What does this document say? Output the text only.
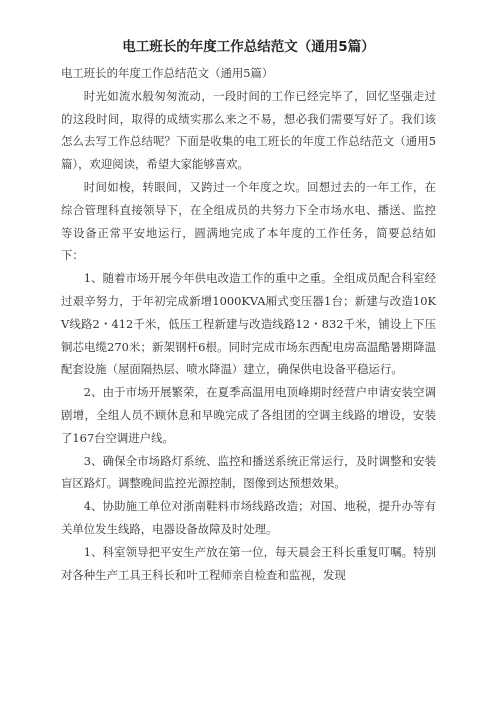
电工班长的年度工作总结范文（通用5篇）

电工班长的年度工作总结范文（通用5篇）

时光如流水般匆匆流动，一段时间的工作已经完毕了，回忆坚强走过的这段时间，取得的成绩实那么来之不易，想必我们需要写好了。我们该怎么去写工作总结呢？下面是收集的电工班长的年度工作总结范文（通用5篇），欢迎阅读，希望大家能够喜欢。

时间如梭，转眼间，又跨过一个年度之坎。回想过去的一年工作，在综合管理科直接领导下，在全组成员的共努力下全市场水电、播送、监控等设备正常平安地运行，圆满地完成了本年度的工作任务，简要总结如下：

1、随着市场开展今年供电改造工作的重中之重。全组成员配合科室经过艰辛努力，于年初完成新增1000KVA厢式变压器1台；新建与改造10KV线路2・412千米，低压工程新建与改造线路12・832千米，铺设上下压铜芯电缆270米；新架钢杆6根。同时完成市场东西配电房高温酷暑期降温配套设施（屋面隔热层、喷水降温）建立，确保供电设备平稳运行。

2、由于市场开展繁荣，在夏季高温用电顶峰期时经营户申请安装空调剧增，全组人员不顾休息和早晚完成了各组团的空调主线路的增设，安装了167台空调进户线。

3、确保全市场路灯系统、监控和播送系统正常运行，及时调整和安装盲区路灯。调整晚间监控光源控制，图像到达预想效果。

4、协助施工单位对浙南鞋料市场线路改造；对国、地税，提升办等有关单位发生线路，电器设备故障及时处理。

1、科室领导把平安生产放在第一位，每天晨会王科长重复叮嘱。特别对各种生产工具王科长和叶工程师亲自检查和监视，发现
